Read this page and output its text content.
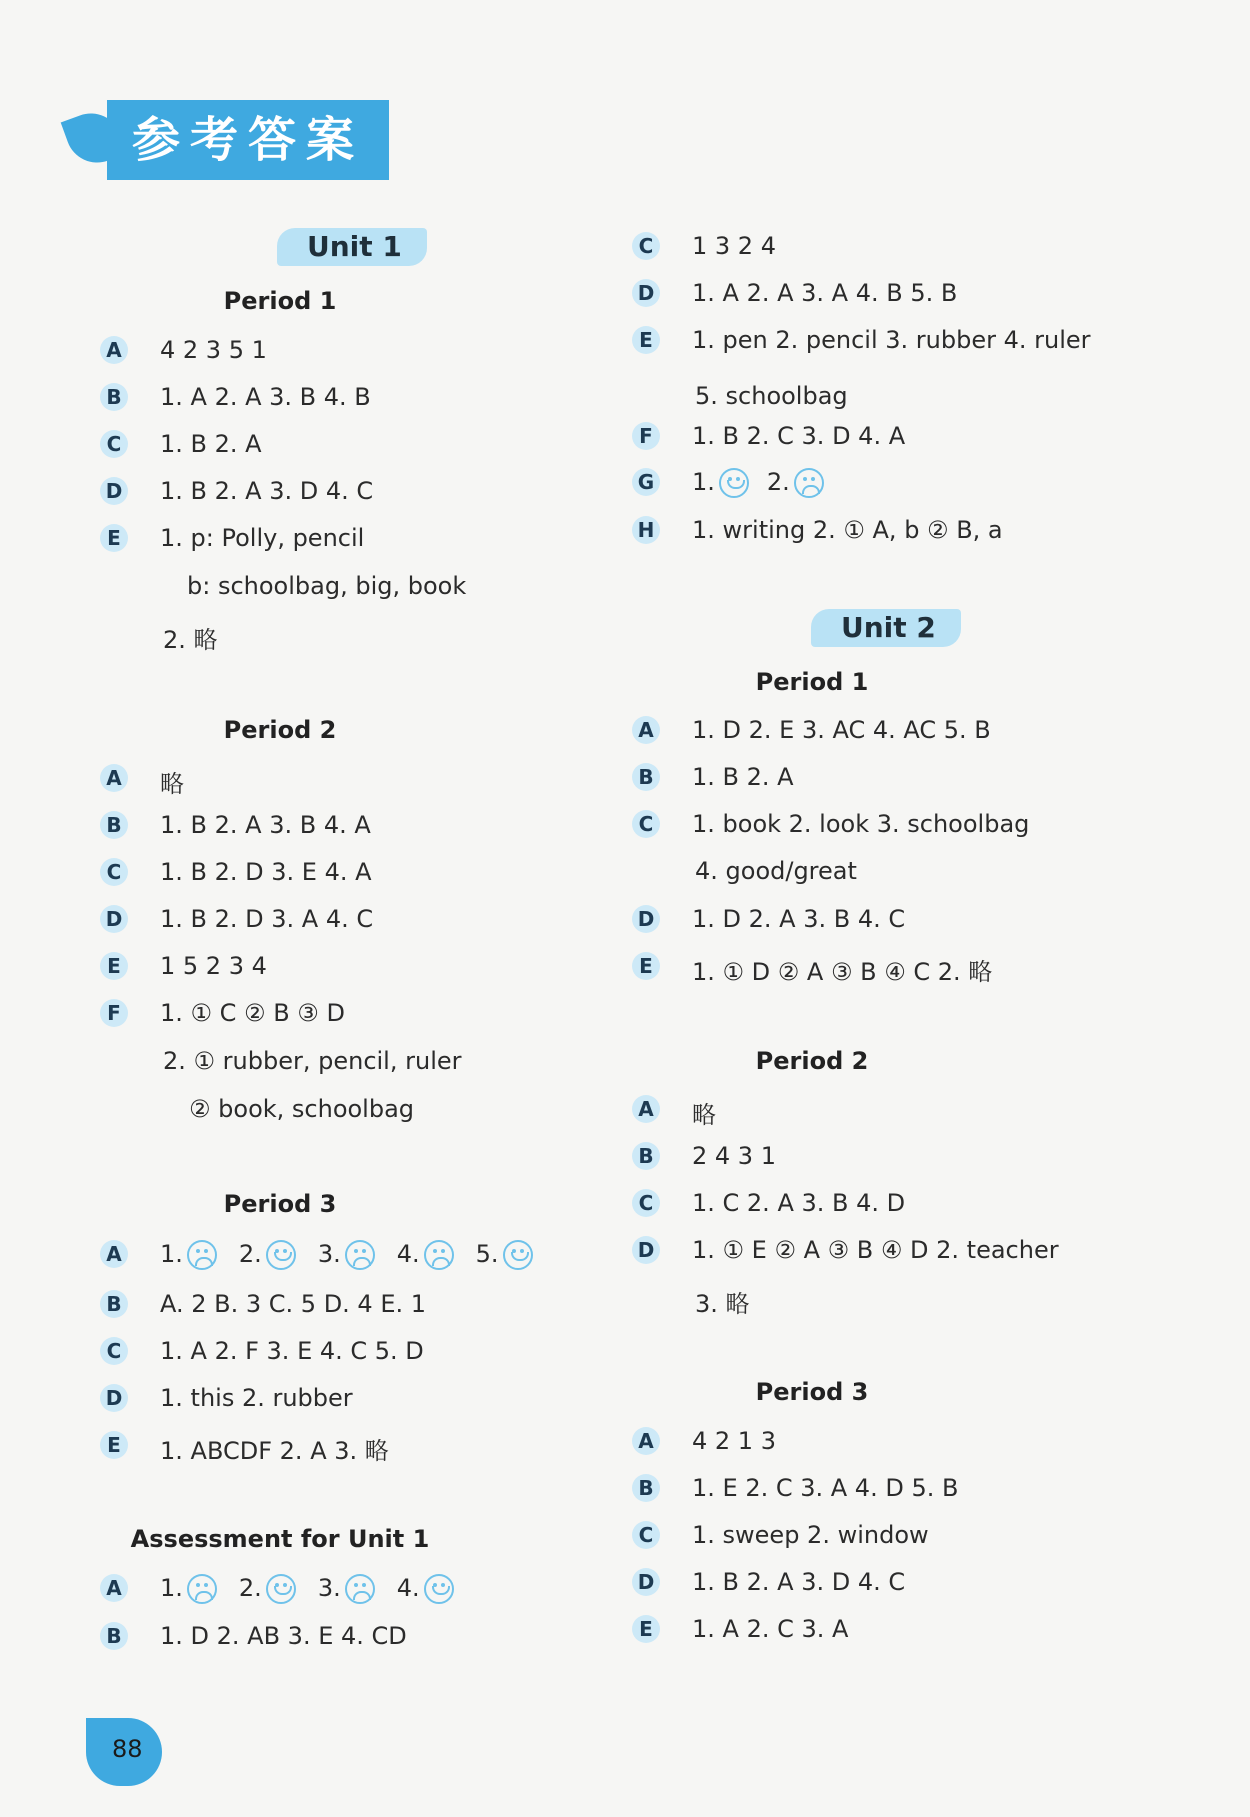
参考答案
Unit 1
Period 1
A 4 2 3 5 1
B 1. A 2. A 3. B 4. B
C 1. B 2. A
D 1. B 2. A 3. D 4. C
E 1. p: Polly, pencil
b: schoolbag, big, book
2. 略
Period 2
A 略
B 1. B 2. A 3. B 4. A
C 1. B 2. D 3. E 4. A
D 1. B 2. D 3. A 4. C
E 1 5 2 3 4
F 1. ① C ② B ③ D
2. ① rubber, pencil, ruler
② book, schoolbag
Period 3
A 1. 2. 3. 4. 5.
B A. 2 B. 3 C. 5 D. 4 E. 1
C 1. A 2. F 3. E 4. C 5. D
D 1. this 2. rubber
E 1. ABCDF 2. A 3. 略
Assessment for Unit 1
A 1. 2. 3. 4.
B 1. D 2. AB 3. E 4. CD
C 1 3 2 4
D 1. A 2. A 3. A 4. B 5. B
E 1. pen 2. pencil 3. rubber 4. ruler
5. schoolbag
F 1. B 2. C 3. D 4. A
G 1. 2.
H 1. writing 2. ① A, b ② B, a
Unit 2
Period 1
A 1. D 2. E 3. AC 4. AC 5. B
B 1. B 2. A
C 1. book 2. look 3. schoolbag
4. good/great
D 1. D 2. A 3. B 4. C
E 1. ① D ② A ③ B ④ C 2. 略
Period 2
A 略
B 2 4 3 1
C 1. C 2. A 3. B 4. D
D 1. ① E ② A ③ B ④ D 2. teacher
3. 略
Period 3
A 4 2 1 3
B 1. E 2. C 3. A 4. D 5. B
C 1. sweep 2. window
D 1. B 2. A 3. D 4. C
E 1. A 2. C 3. A
88
